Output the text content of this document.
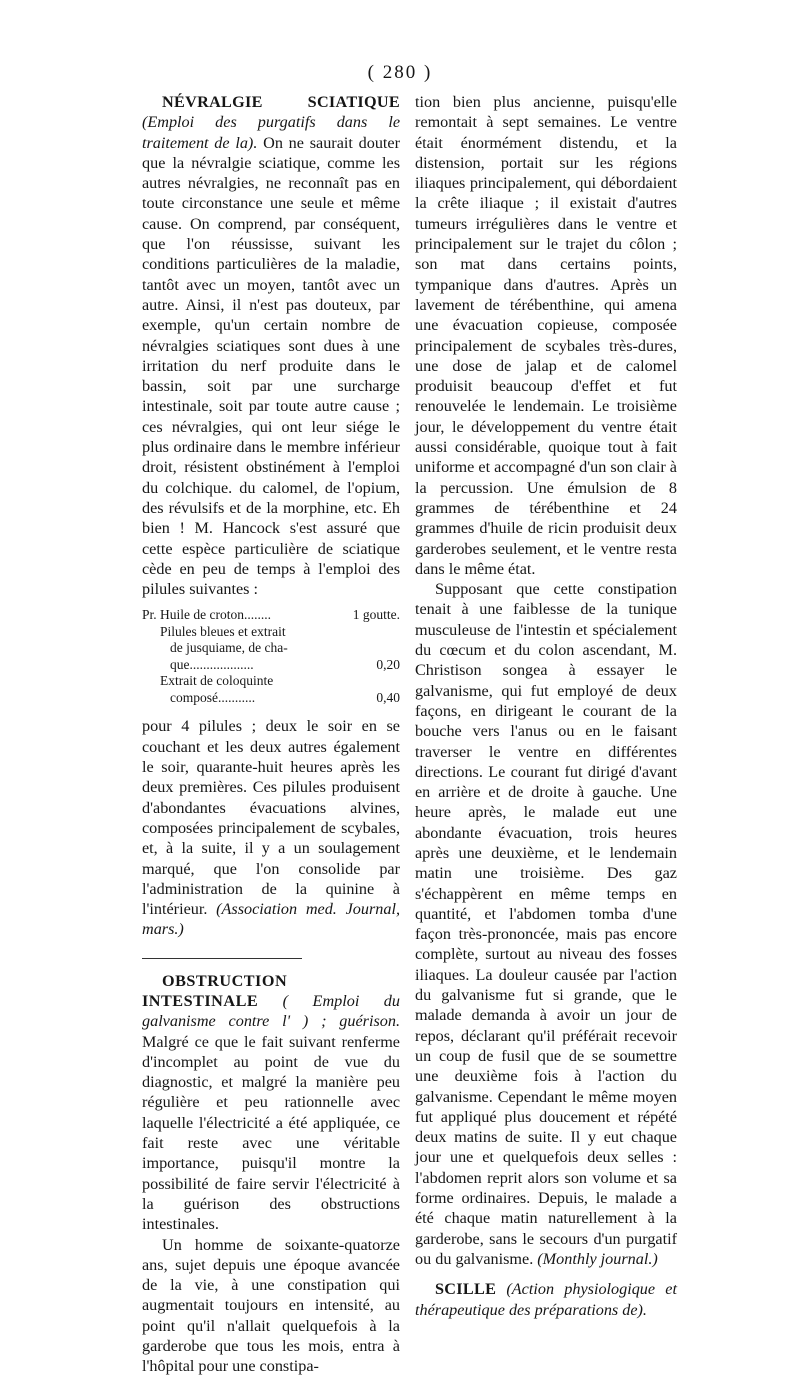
( 280 )

NÉVRALGIE SCIATIQUE (Emploi des purgatifs dans le traitement de la). On ne saurait douter que la névralgie sciatique, comme les autres névralgies, ne reconnaît pas en toute circonstance une seule et même cause. On comprend, par conséquent, que l'on réussisse, suivant les conditions particulières de la maladie, tantôt avec un moyen, tantôt avec un autre. Ainsi, il n'est pas douteux, par exemple, qu'un certain nombre de névralgies sciatiques sont dues à une irritation du nerf produite dans le bassin, soit par une surcharge intestinale, soit par toute autre cause ; ces névralgies, qui ont leur siége le plus ordinaire dans le membre inférieur droit, résistent obstinément à l'emploi du colchique. du calomel, de l'opium, des révulsifs et de la morphine, etc. Eh bien ! M. Hancock s'est assuré que cette espèce particulière de sciatique cède en peu de temps à l'emploi des pilules suivantes :

Pr. Huile de croton........	1 goutte.
Pilules bleues et extrait
de jusquiame, de cha-
que...................	0,20
Extrait de coloquinte
composé...........	0,40

pour 4 pilules ; deux le soir en se couchant et les deux autres également le soir, quarante-huit heures après les deux premières. Ces pilules produisent d'abondantes évacuations alvines, composées principalement de scybales, et, à la suite, il y a un soulagement marqué, que l'on consolide par l'administration de la quinine à l'intérieur. (Association med. Journal, mars.)

OBSTRUCTION INTESTINALE ( Emploi du galvanisme contre l' ) ; guérison. Malgré ce que le fait suivant renferme d'incomplet au point de vue du diagnostic, et malgré la manière peu régulière et peu rationnelle avec laquelle l'électricité a été appliquée, ce fait reste avec une véritable importance, puisqu'il montre la possibilité de faire servir l'électricité à la guérison des obstructions intestinales.

Un homme de soixante-quatorze ans, sujet depuis une époque avancée de la vie, à une constipation qui augmentait toujours en intensité, au point qu'il n'allait quelquefois à la garderobe que tous les mois, entra à l'hôpital pour une constipa-

tion bien plus ancienne, puisqu'elle remontait à sept semaines. Le ventre était énormément distendu, et la distension, portait sur les régions iliaques principalement, qui débordaient la crête iliaque ; il existait d'autres tumeurs irrégulières dans le ventre et principalement sur le trajet du côlon ; son mat dans certains points, tympanique dans d'autres. Après un lavement de térébenthine, qui amena une évacuation copieuse, composée principalement de scybales très-dures, une dose de jalap et de calomel produisit beaucoup d'effet et fut renouvelée le lendemain. Le troisième jour, le développement du ventre était aussi considérable, quoique tout à fait uniforme et accompagné d'un son clair à la percussion. Une émulsion de 8 grammes de térébenthine et 24 grammes d'huile de ricin produisit deux garderobes seulement, et le ventre resta dans le même état.

Supposant que cette constipation tenait à une faiblesse de la tunique musculeuse de l'intestin et spécialement du cœcum et du colon ascendant, M. Christison songea à essayer le galvanisme, qui fut employé de deux façons, en dirigeant le courant de la bouche vers l'anus ou en le faisant traverser le ventre en différentes directions. Le courant fut dirigé d'avant en arrière et de droite à gauche. Une heure après, le malade eut une abondante évacuation, trois heures après une deuxième, et le lendemain matin une troisième. Des gaz s'échappèrent en même temps en quantité, et l'abdomen tomba d'une façon très-prononcée, mais pas encore complète, surtout au niveau des fosses iliaques. La douleur causée par l'action du galvanisme fut si grande, que le malade demanda à avoir un jour de repos, déclarant qu'il préférait recevoir un coup de fusil que de se soumettre une deuxième fois à l'action du galvanisme. Cependant le même moyen fut appliqué plus doucement et répété deux matins de suite. Il y eut chaque jour une et quelquefois deux selles : l'abdomen reprit alors son volume et sa forme ordinaires. Depuis, le malade a été chaque matin naturellement à la garderobe, sans le secours d'un purgatif ou du galvanisme. (Monthly journal.)

SCILLE (Action physiologique et thérapeutique des préparations de).
